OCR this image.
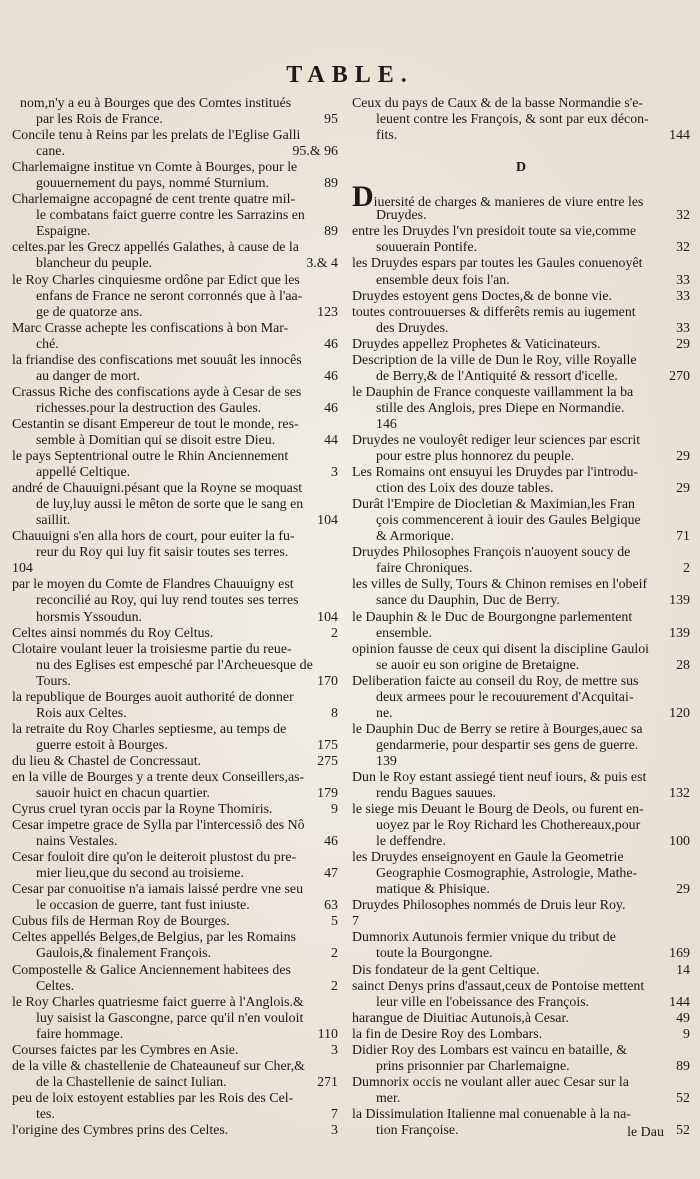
TABLE.
nom,n'y a eu à Bourges que des Comtes institués
95
par les Rois de France.
Concile tenu à Reins par les prelats de l'Eglise Galli
95.& 96
cane.
Charlemaigne institue vn Comte à Bourges, pour le
89
gouuernement du pays, nommé Sturnium.
Charlemaigne accopagné de cent trente quatre mil-
le combatans faict guerre contre les Sarrazins en
89
Espaigne.
celtes.par les Grecz appellés Galathes, à cause de la
3.& 4
blancheur du peuple.
le Roy Charles cinquiesme ordône par Edict que les
enfans de France ne seront corronnés que à l'aa-
123
ge de quatorze ans.
Marc Crasse achepte les confiscations à bon Mar-
46
ché.
la friandise des confiscations met souuât les innocês
46
au danger de mort.
Crassus Riche des confiscations ayde à Cesar de ses
46
richesses.pour la destruction des Gaules.
Cestantin se disant Empereur de tout le monde, res-
44
semble à Domitian qui se disoit estre Dieu.
le pays Septentrional outre le Rhin Anciennement
3
appellé Celtique.
andré de Chauuigni.pésant que la Royne se moquast
de luy,luy aussi le mêton de sorte que le sang en
104
saillit.
Chauuigni s'en alla hors de court, pour euiter la fu-
reur du Roy qui luy fit saisir toutes ses terres.
104
par le moyen du Comte de Flandres Chauuigny est
reconcilié au Roy, qui luy rend toutes ses terres
104
horsmis Yssoudun.
2
Celtes ainsi nommés du Roy Celtus.
Clotaire voulant leuer la troisiesme partie du reue-
nu des Eglises est empesché par l'Archeuesque de
170
Tours.
la republique de Bourges auoit authorité de donner
8
Rois aux Celtes.
la retraite du Roy Charles septiesme, au temps de
175
guerre estoit à Bourges.
275
du lieu & Chastel de Concressaut.
en la ville de Bourges y a trente deux Conseillers,as-
179
sauoir huict en chacun quartier.
9
Cyrus cruel tyran occis par la Royne Thomiris.
Cesar impetre grace de Sylla par l'intercessiô des Nô
46
nains Vestales.
Cesar fouloit dire qu'on le deiteroit plustost du pre-
47
mier lieu,que du second au troisieme.
Cesar par conuoitise n'a iamais laissé perdre vne seu
63
le occasion de guerre, tant fust iniuste.
5
Cubus fils de Herman Roy de Bourges.
Celtes appellés Belges,de Belgius, par les Romains
2
Gaulois,& finalement François.
Compostelle & Galice Anciennement habitees des
2
Celtes.
le Roy Charles quatriesme faict guerre à l'Anglois.&
luy saisist la Gascongne, parce qu'il n'en vouloit
110
faire hommage.
3
Courses faictes par les Cymbres en Asie.
de la ville & chastellenie de Chateauneuf sur Cher,&
271
de la Chastellenie de sainct Iulian.
peu de loix estoyent establies par les Rois des Cel-
7
tes.
3
l'origine des Cymbres prins des Celtes.
Ceux du pays de Caux & de la basse Normandie s'e-
leuent contre les François, & sont par eux décon-
144
fits.
D
Diuersité de charges & manieres de viure entre les
32
Druydes.
entre les Druydes l'vn presidoit toute sa vie,comme
32
souuerain Pontife.
les Druydes espars par toutes les Gaules conuenoyêt
33
ensemble deux fois l'an.
33
Druydes estoyent gens Doctes,& de bonne vie.
toutes controuuerses & differêts remis au iugement
33
des Druydes.
29
Druydes appellez Prophetes & Vaticinateurs.
Description de la ville de Dun le Roy, ville Royalle
270
de Berry,& de l'Antiquité & ressort d'icelle.
le Dauphin de France conqueste vaillamment la ba
stille des Anglois, pres Diepe en Normandie.
146
Druydes ne vouloyêt rediger leur sciences par escrit
29
pour estre plus honnorez du peuple.
Les Romains ont ensuyui les Druydes par l'introdu-
29
ction des Loix des douze tables.
Durât l'Empire de Diocletian & Maximian,les Fran
çois commencerent à iouir des Gaules Belgique
71
& Armorique.
Druydes Philosophes François n'auoyent soucy de
2
faire Chroniques.
les villes de Sully, Tours & Chinon remises en l'obeif
139
sance du Dauphin, Duc de Berry.
le Dauphin & le Duc de Bourgongne parlementent
139
ensemble.
opinion fausse de ceux qui disent la discipline Gauloi
28
se auoir eu son origine de Bretaigne.
Deliberation faicte au conseil du Roy, de mettre sus
deux armees pour le recouurement d'Acquitai-
120
ne.
le Dauphin Duc de Berry se retire à Bourges,auec sa
gendarmerie, pour despartir ses gens de guerre.
139
Dun le Roy estant assiegé tient neuf iours, & puis est
132
rendu Bagues sauues.
le siege mis Deuant le Bourg de Deols, ou furent en-
uoyez par le Roy Richard les Chothereaux,pour
100
le deffendre.
les Druydes enseignoyent en Gaule la Geometrie
Geographie Cosmographie, Astrologie, Mathe-
29
matique & Phisique.
Druydes Philosophes nommés de Druis leur Roy.
7
Dumnorix Autunois fermier vnique du tribut de
169
toute la Bourgongne.
14
Dis fondateur de la gent Celtique.
sainct Denys prins d'assaut,ceux de Pontoise mettent
144
leur ville en l'obeissance des François.
49
harangue de Diuitiac Autunois,à Cesar.
9
la fin de Desire Roy des Lombars.
Didier Roy des Lombars est vaincu en bataille, &
89
prins prisonnier par Charlemaigne.
Dumnorix occis ne voulant aller auec Cesar sur la
52
mer.
la Dissimulation Italienne mal conuenable à la na-
52
tion Françoise.	le Dau
